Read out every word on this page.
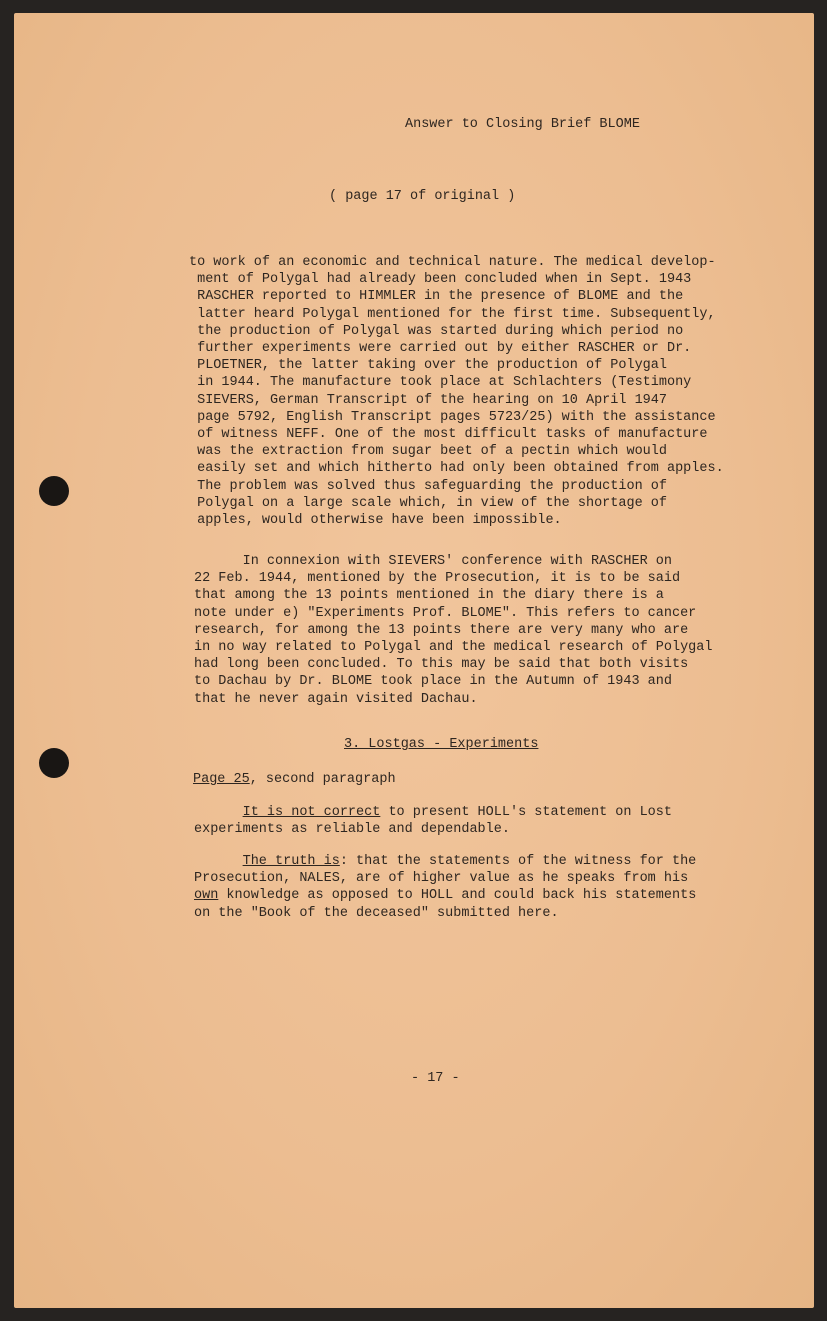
Answer to Closing Brief BLOME
( page 17 of original )
to work of an economic and technical nature. The medical develop-
ment of Polygal had already been concluded when in Sept. 1943
RASCHER reported to HIMMLER in the presence of BLOME and the
latter heard Polygal mentioned for the first time. Subsequently,
the production of Polygal was started during which period no
further experiments were carried out by either RASCHER or Dr.
PLOETNER, the latter taking over the production of Polygal
in 1944. The manufacture took place at Schlachters (Testimony
SIEVERS, German Transcript of the hearing on 10 April 1947
page 5792, English Transcript pages 5723/25) with the assistance
of witness NEFF. One of the most difficult tasks of manufacture
was the extraction from sugar beet of a pectin which would
easily set and which hitherto had only been obtained from apples.
The problem was solved thus safeguarding the production of
Polygal on a large scale which, in view of the shortage of
apples, would otherwise have been impossible.
In connexion with SIEVERS' conference with RASCHER on
22 Feb. 1944, mentioned by the Prosecution, it is to be said
that among the 13 points mentioned in the diary there is a
note under e) "Experiments Prof. BLOME". This refers to cancer
research, for among the 13 points there are very many who are
in no way related to Polygal and the medical research of Polygal
had long been concluded. To this may be said that both visits
to Dachau by Dr. BLOME took place in the Autumn of 1943 and
that he never again visited Dachau.
3. Lostgas - Experiments
Page 25, second paragraph
It is not correct to present HOLL's statement on Lost
experiments as reliable and dependable.
The truth is: that the statements of the witness for the
Prosecution, NALES, are of higher value as he speaks from his
own knowledge as opposed to HOLL and could back his statements
on the "Book of the deceased" submitted here.
- 17 -
